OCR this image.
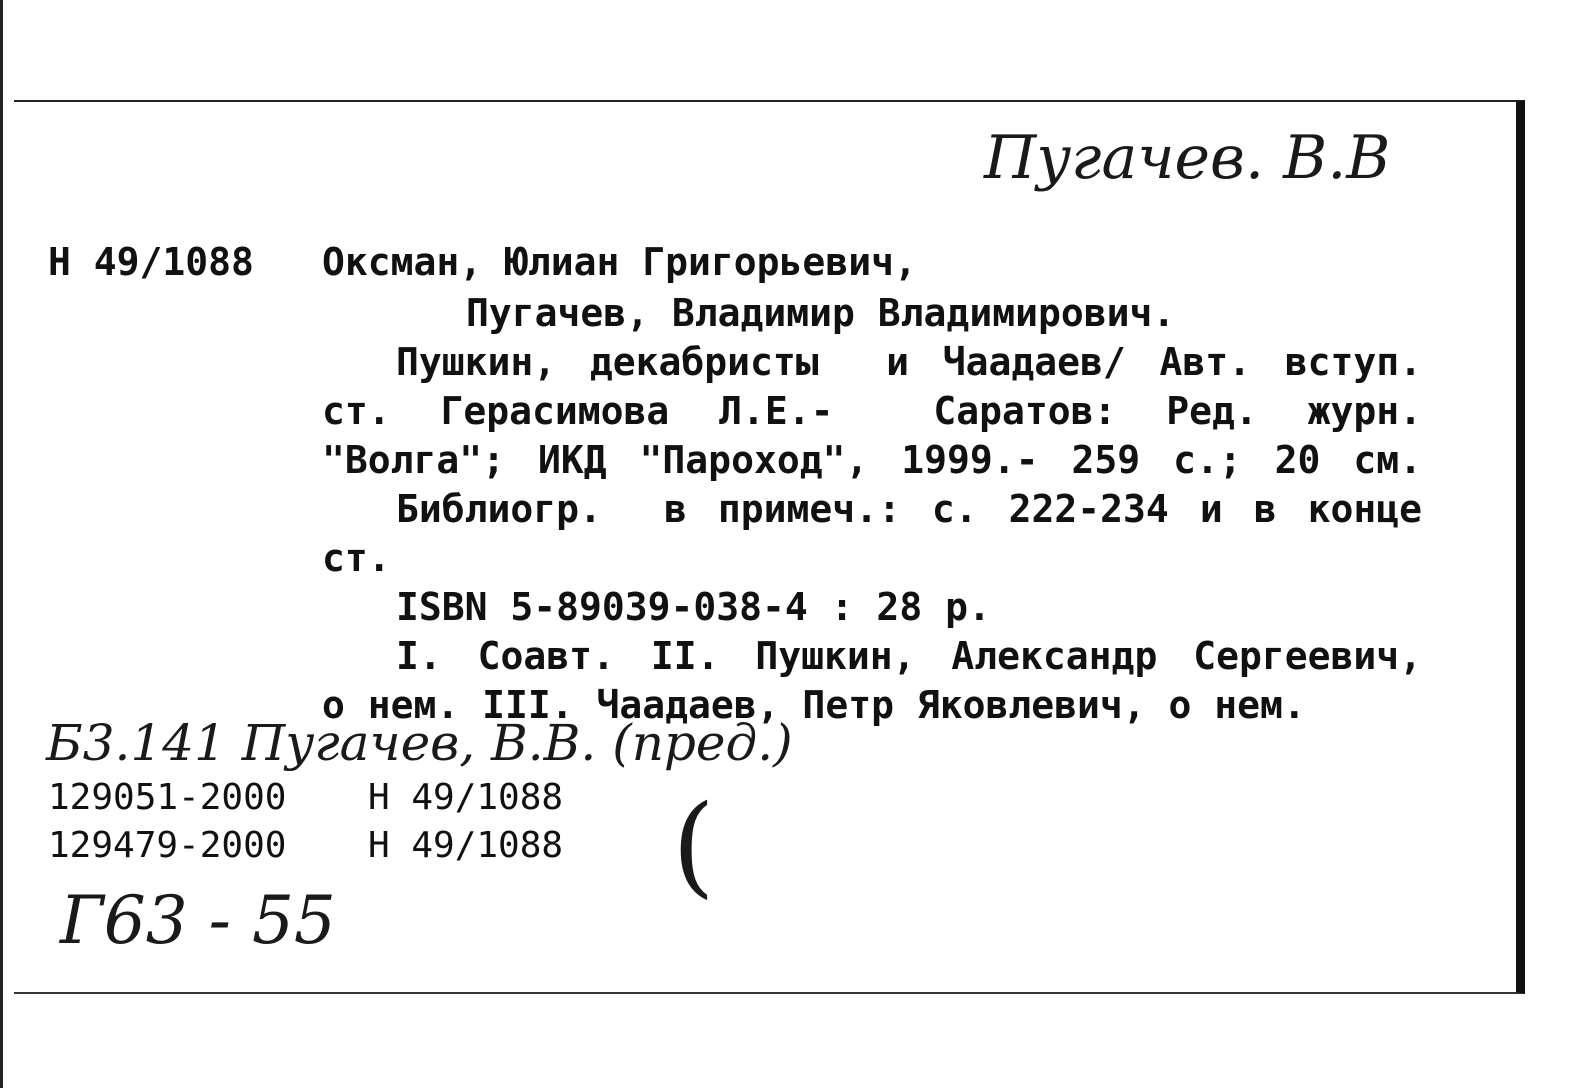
Пугачев. В.В
Б3.141 Пугачев, В.В. (пред.)
(
Г63 - 55
Н 49/1088	Оксман, Юлиан Григорьевич,
Пугачев, Владимир Владимирович.
Пушкин, декабристы  и Чаадаев/ Авт. вступ.
ст. Герасимова Л.Е.-  Саратов: Ред. журн.
"Волга"; ИКД "Пароход", 1999.- 259 с.; 20 см.
Библиогр.  в примеч.: с. 222-234 и в конце
ст.
ISBN 5-89039-038-4 : 28 р.
I. Соавт. II. Пушкин, Александр Сергеевич,
о нем. III. Чаадаев, Петр Яковлевич, о нем.
129051-2000 Н 49/1088
129479-2000 Н 49/1088
